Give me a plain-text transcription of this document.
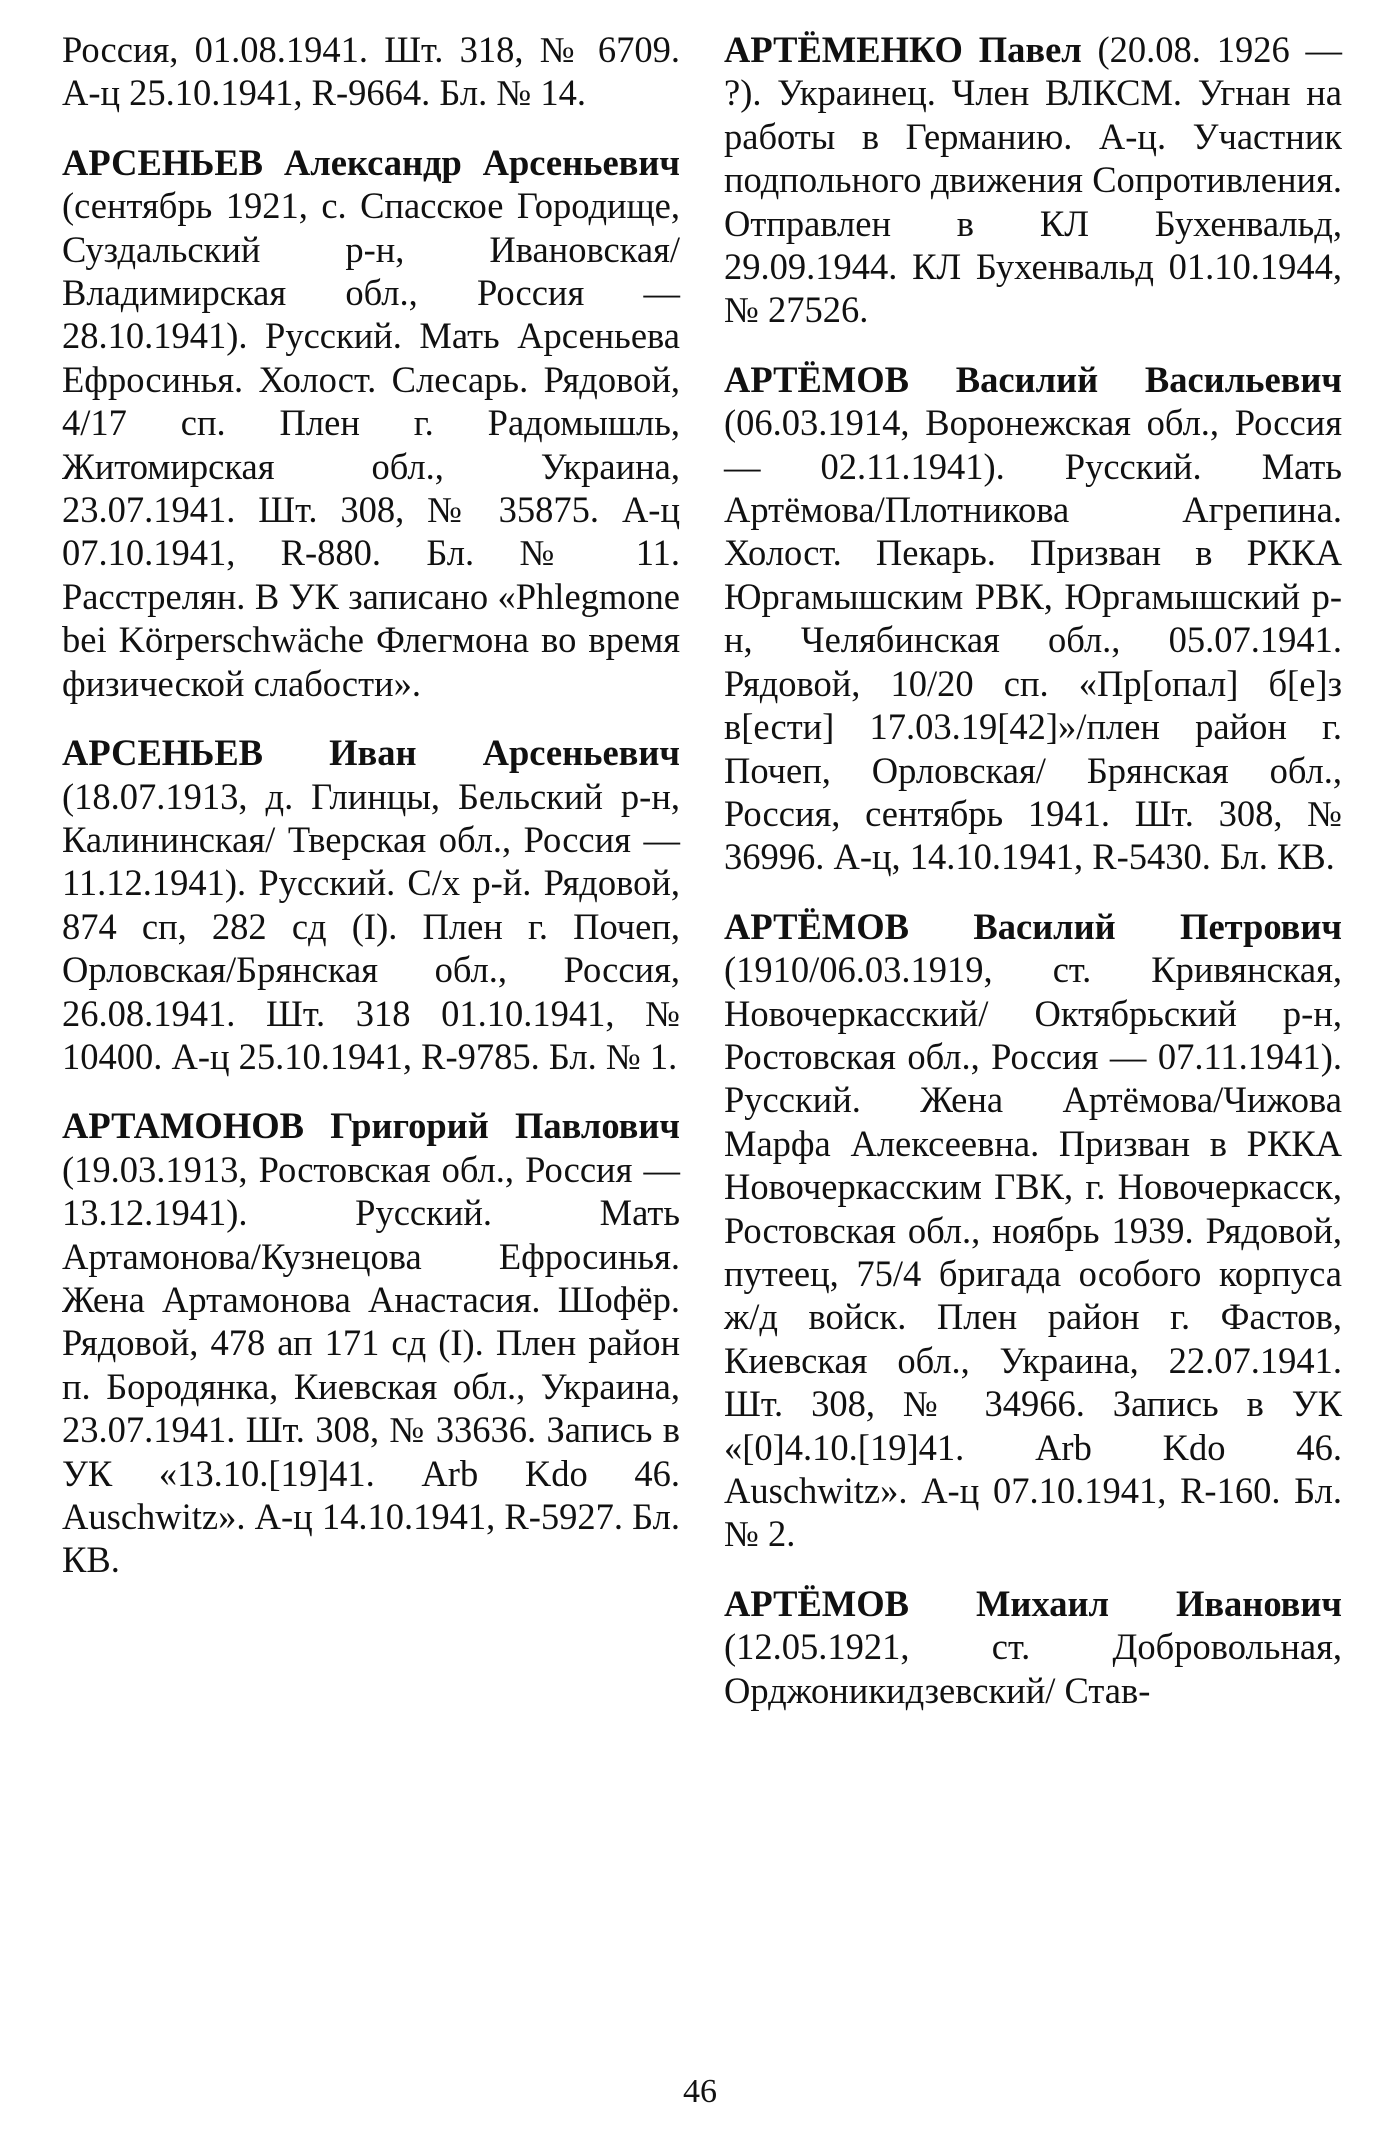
Россия, 01.08.1941. Шт. 318, № 6709. А-ц 25.10.1941, R-9664. Бл. № 14.

АРСЕНЬЕВ Александр Арсеньевич (сентябрь 1921, с. Спасское Городище, Суздальский р-н, Ивановская/Владимирская обл., Россия — 28.10.1941). Русский. Мать Арсеньева Ефросинья. Холост. Слесарь. Рядовой, 4/17 сп. Плен г. Радомышль, Житомирская обл., Украина, 23.07.1941. Шт. 308, № 35875. А-ц 07.10.1941, R-880. Бл. № 11. Расстрелян. В УК записано «Phlegmone bei Körperschwäche Флегмона во время физической слабости».

АРСЕНЬЕВ Иван Арсеньевич (18.07.1913, д. Глинцы, Бельский р-н, Калининская/ Тверская обл., Россия — 11.12.1941). Русский. С/х р-й. Рядовой, 874 сп, 282 сд (I). Плен г. Почеп, Орловская/Брянская обл., Россия, 26.08.1941. Шт. 318 01.10.1941, № 10400. А-ц 25.10.1941, R-9785. Бл. № 1.

АРТАМОНОВ Григорий Павлович (19.03.1913, Ростовская обл., Россия — 13.12.1941). Русский. Мать Артамонова/Кузнецова Ефросинья. Жена Артамонова Анастасия. Шофёр. Рядовой, 478 ап 171 сд (I). Плен район п. Бородянка, Киевская обл., Украина, 23.07.1941. Шт. 308, № 33636. Запись в УК «13.10.[19]41. Arb Kdo 46. Auschwitz». А-ц 14.10.1941, R-5927. Бл. КВ.

АРТЁМЕНКО Павел (20.08. 1926 — ?). Украинец. Член ВЛКСМ. Угнан на работы в Германию. А-ц. Участник подпольного движения Сопротивления. Отправлен в КЛ Бухенвальд, 29.09.1944. КЛ Бухенвальд 01.10.1944, № 27526.

АРТЁМОВ Василий Васильевич (06.03.1914, Воронежская обл., Россия — 02.11.1941). Русский. Мать Артёмова/Плотникова Агрепина. Холост. Пекарь. Призван в РККА Юргамышским РВК, Юргамышский р-н, Челябинская обл., 05.07.1941. Рядовой, 10/20 сп. «Пр[опал] б[е]з в[ести] 17.03.19[42]»/плен район г. Почеп, Орловская/ Брянская обл., Россия, сентябрь 1941. Шт. 308, № 36996. А-ц, 14.10.1941, R-5430. Бл. КВ.

АРТЁМОВ Василий Петрович (1910/06.03.1919, ст. Кривянская, Новочеркасский/ Октябрьский р-н, Ростовская обл., Россия — 07.11.1941). Русский. Жена Артёмова/Чижова Марфа Алексеевна. Призван в РККА Новочеркасским ГВК, г. Новочеркасск, Ростовская обл., ноябрь 1939. Рядовой, путеец, 75/4 бригада особого корпуса ж/д войск. Плен район г. Фастов, Киевская обл., Украина, 22.07.1941. Шт. 308, № 34966. Запись в УК «[0]4.10.[19]41. Arb Kdo 46. Auschwitz». А-ц 07.10.1941, R-160. Бл. № 2.

АРТЁМОВ Михаил Иванович (12.05.1921, ст. Добровольная, Орджоникидзевский/ Став-

46
